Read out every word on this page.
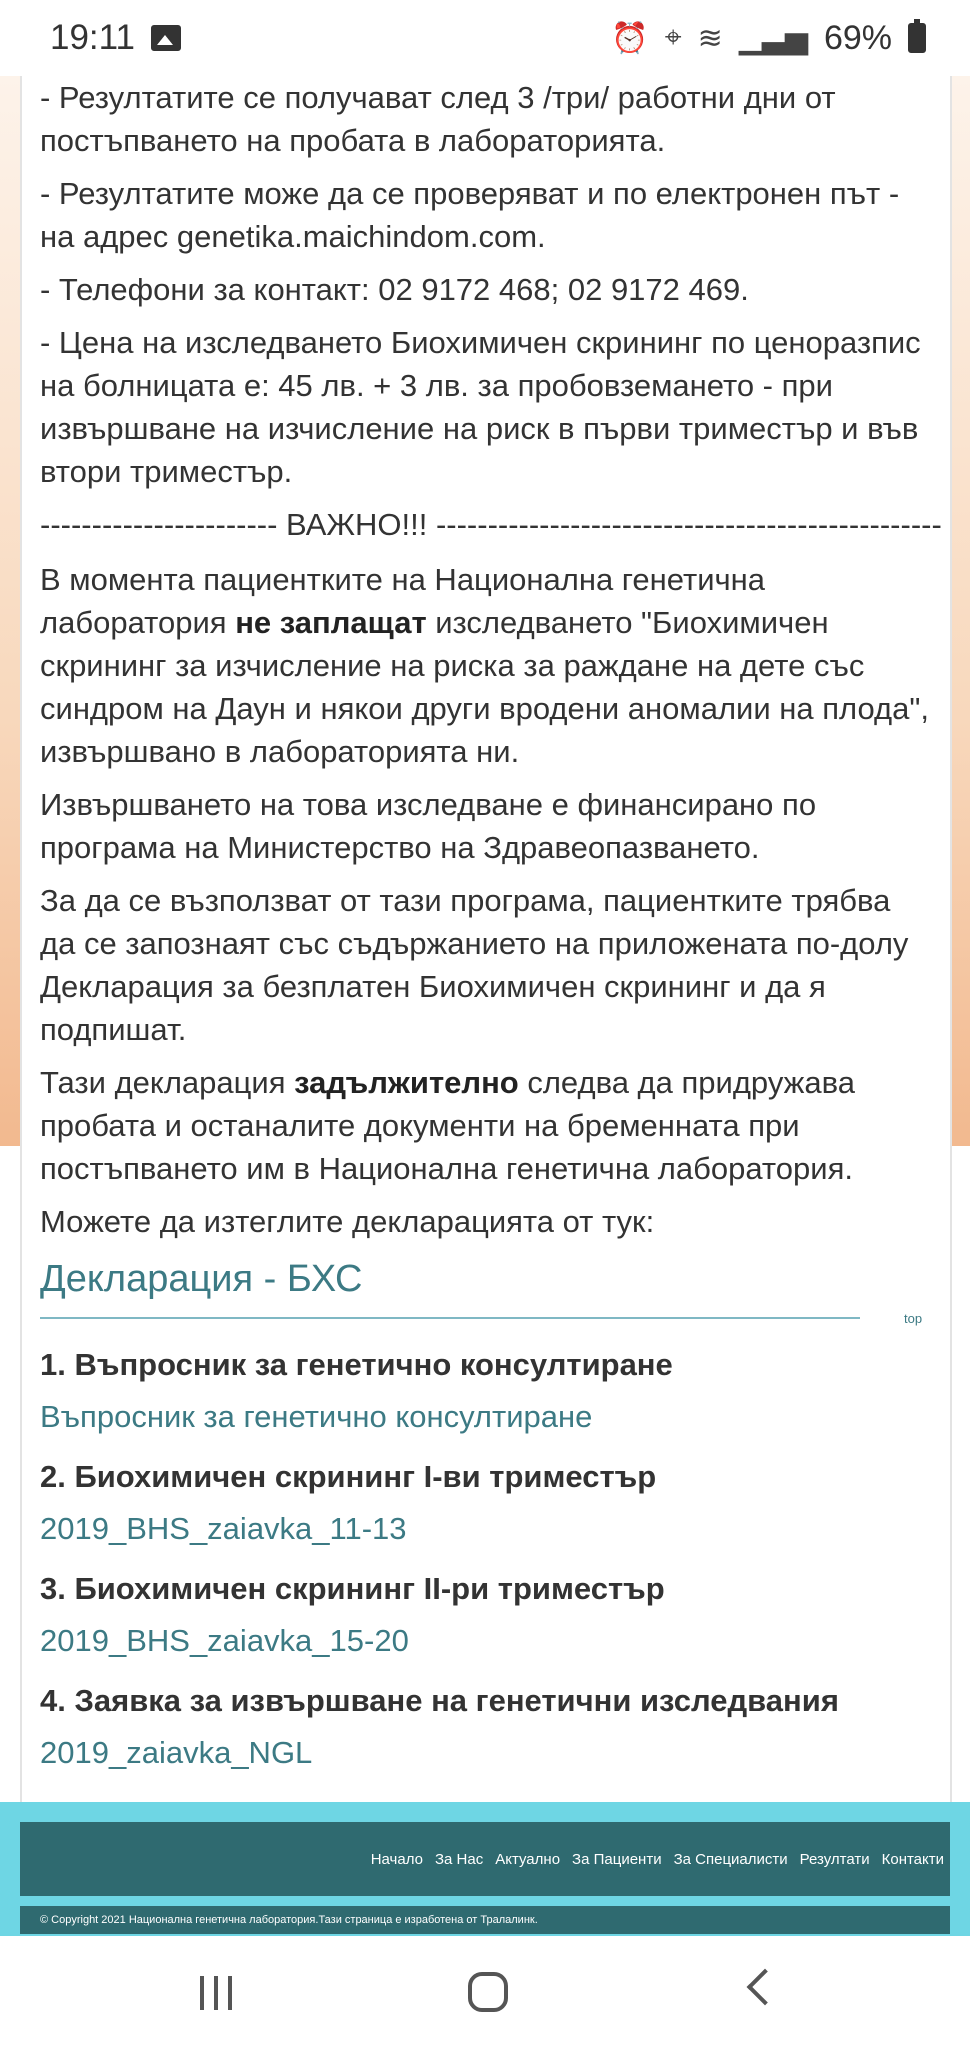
19:11	⏰ ⌖ ≋ ▁▃▅ 69%

- Резултатите се получават след 3 /три/ работни дни от постъпването на пробата в лабораторията.

- Резултатите може да се проверяват и по електронен път - на адрес genetika.maichindom.com.

- Телефони за контакт: 02 9172 468; 02 9172 469.

- Цена на изследването Биохимичен скрининг по ценоразпис на болницата е: 45 лв. + 3 лв. за пробовземането - при извършване на изчисление на риск в първи триместър и във втори триместър.

----------------------- ВАЖНО!!! -------------------------------------------------

В момента пациентките на Национална генетична лаборатория не заплащат изследването "Биохимичен скрининг за изчисление на риска за раждане на дете със синдром на Даун и някои други вродени аномалии на плода", извършвано в лабораторията ни.

Извършването на това изследване е финансирано по програма на Министерство на Здравеопазването.

За да се възползват от тази програма, пациентките трябва да се запознаят със съдържанието на приложената по-долу Декларация за безплатен Биохимичен скрининг и да я подпишат.

Тази декларация задължително следва да придружава пробата и останалите документи на бременната при постъпването им в Национална генетична лаборатория.

Можете да изтеглите декларацията от тук:

Декларация - БХС
top
1. Въпросник за генетично консултиране
Въпросник за генетично консултиране
2. Биохимичен скрининг I-ви триместър
2019_BHS_zaiavka_11-13
3. Биохимичен скрининг II-ри триместър
2019_BHS_zaiavka_15-20
4. Заявка за извършване на генетични изследвания
2019_zaiavka_NGL
Начало За Нас Актуално За Пациенти За Специалисти Резултати Контакти
© Copyright 2021 Национална генетична лаборатория.Тази страница е изработена от Тралалинк.
